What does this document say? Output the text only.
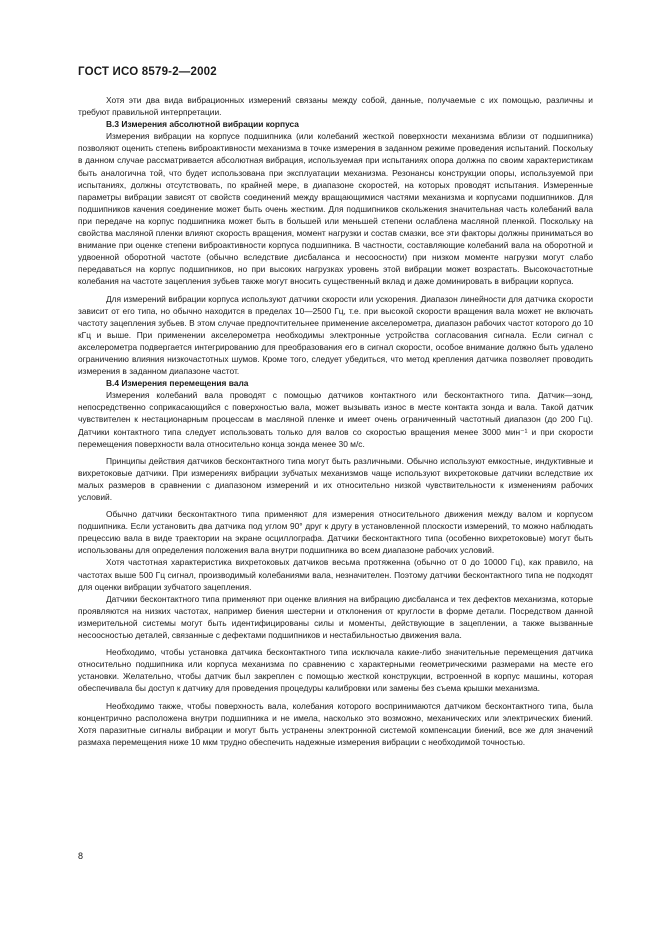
ГОСТ ИСО 8579-2—2002

Хотя эти два вида вибрационных измерений связаны между собой, данные, получаемые с их помощью, различны и требуют правильной интерпретации.

В.3 Измерения абсолютной вибрации корпуса

Измерения вибрации на корпусе подшипника (или колебаний жесткой поверхности механизма вблизи от подшипника) позволяют оценить степень виброактивности механизма в точке измерения в заданном режиме проведения испытаний. Поскольку в данном случае рассматривается абсолютная вибрация, используемая при испытаниях опора должна по своим характеристикам быть аналогична той, что будет использована при эксплуатации механизма. Резонансы конструкции опоры, используемой при испытаниях, должны отсутствовать, по крайней мере, в диапазоне скоростей, на которых проводят испытания. Измеренные параметры вибрации зависят от свойств соединений между вращающимися частями механизма и корпусами подшипников. Для подшипников качения соединение может быть очень жестким. Для подшипников скольжения значительная часть колебаний вала при передаче на корпус подшипника может быть в большей или меньшей степени ослаблена масляной пленкой. Поскольку на свойства масляной пленки влияют скорость вращения, момент нагрузки и состав смазки, все эти факторы должны приниматься во внимание при оценке степени виброактивности корпуса подшипника. В частности, составляющие колебаний вала на оборотной и удвоенной оборотной частоте (обычно вследствие дисбаланса и несоосности) при низком моменте нагрузки могут слабо передаваться на корпус подшипников, но при высоких нагрузках уровень этой вибрации может возрастать. Высокочастотные колебания на частоте зацепления зубьев также могут вносить существенный вклад и даже доминировать в вибрации корпуса.

Для измерений вибрации корпуса используют датчики скорости или ускорения. Диапазон линейности для датчика скорости зависит от его типа, но обычно находится в пределах 10—2500 Гц, т.е. при высокой скорости вращения вала может не включать частоту зацепления зубьев. В этом случае предпочтительнее применение акселерометра, диапазон рабочих частот которого до 10 кГц и выше. При применении акселерометра необходимы электронные устройства согласования сигнала. Если сигнал с акселерометра подвергается интегрированию для преобразования его в сигнал скорости, особое внимание должно быть удалено ограничению влияния низкочастотных шумов. Кроме того, следует убедиться, что метод крепления датчика позволяет проводить измерения в заданном диапазоне частот.

В.4 Измерения перемещения вала

Измерения колебаний вала проводят с помощью датчиков контактного или бесконтактного типа. Датчик—зонд, непосредственно соприкасающийся с поверхностью вала, может вызывать износ в месте контакта зонда и вала. Такой датчик чувствителен к нестационарным процессам в масляной пленке и имеет очень ограниченный частотный диапазон (до 200 Гц). Датчики контактного типа следует использовать только для валов со скоростью вращения менее 3000 мин⁻¹ и при скорости перемещения поверхности вала относительно конца зонда менее 30 м/с.

Принципы действия датчиков бесконтактного типа могут быть различными. Обычно используют емкостные, индуктивные и вихретоковые датчики. При измерениях вибрации зубчатых механизмов чаще используют вихретоковые датчики вследствие их малых размеров в сравнении с диапазоном измерений и их относительно низкой чувствительности к изменениям рабочих условий.

Обычно датчики бесконтактного типа применяют для измерения относительного движения между валом и корпусом подшипника. Если установить два датчика под углом 90° друг к другу в установленной плоскости измерений, то можно наблюдать прецессию вала в виде траектории на экране осциллографа. Датчики бесконтактного типа (особенно вихретоковые) могут быть использованы для определения положения вала внутри подшипника во всем диапазоне рабочих условий.

Хотя частотная характеристика вихретоковых датчиков весьма протяженна (обычно от 0 до 10000 Гц), как правило, на частотах выше 500 Гц сигнал, производимый колебаниями вала, незначителен. Поэтому датчики бесконтактного типа не подходят для оценки вибрации зубчатого зацепления.

Датчики бесконтактного типа применяют при оценке влияния на вибрацию дисбаланса и тех дефектов механизма, которые проявляются на низких частотах, например биения шестерни и отклонения от круглости в форме детали. Посредством данной измерительной системы могут быть идентифицированы силы и моменты, действующие в зацеплении, а также вызванные несоосностью деталей, связанные с дефектами подшипников и нестабильностью движения вала.

Необходимо, чтобы установка датчика бесконтактного типа исключала какие-либо значительные перемещения датчика относительно подшипника или корпуса механизма по сравнению с характерными геометрическими размерами на месте его установки. Желательно, чтобы датчик был закреплен с помощью жесткой конструкции, встроенной в корпус машины, которая обеспечивала бы доступ к датчику для проведения процедуры калибровки или замены без съема крышки механизма.

Необходимо также, чтобы поверхность вала, колебания которого воспринимаются датчиком бесконтактного типа, была концентрично расположена внутри подшипника и не имела, насколько это возможно, механических или электрических биений. Хотя паразитные сигналы вибрации и могут быть устранены электронной системой компенсации биений, все же для значений размаха перемещения ниже 10 мкм трудно обеспечить надежные измерения вибрации с необходимой точностью.

8
